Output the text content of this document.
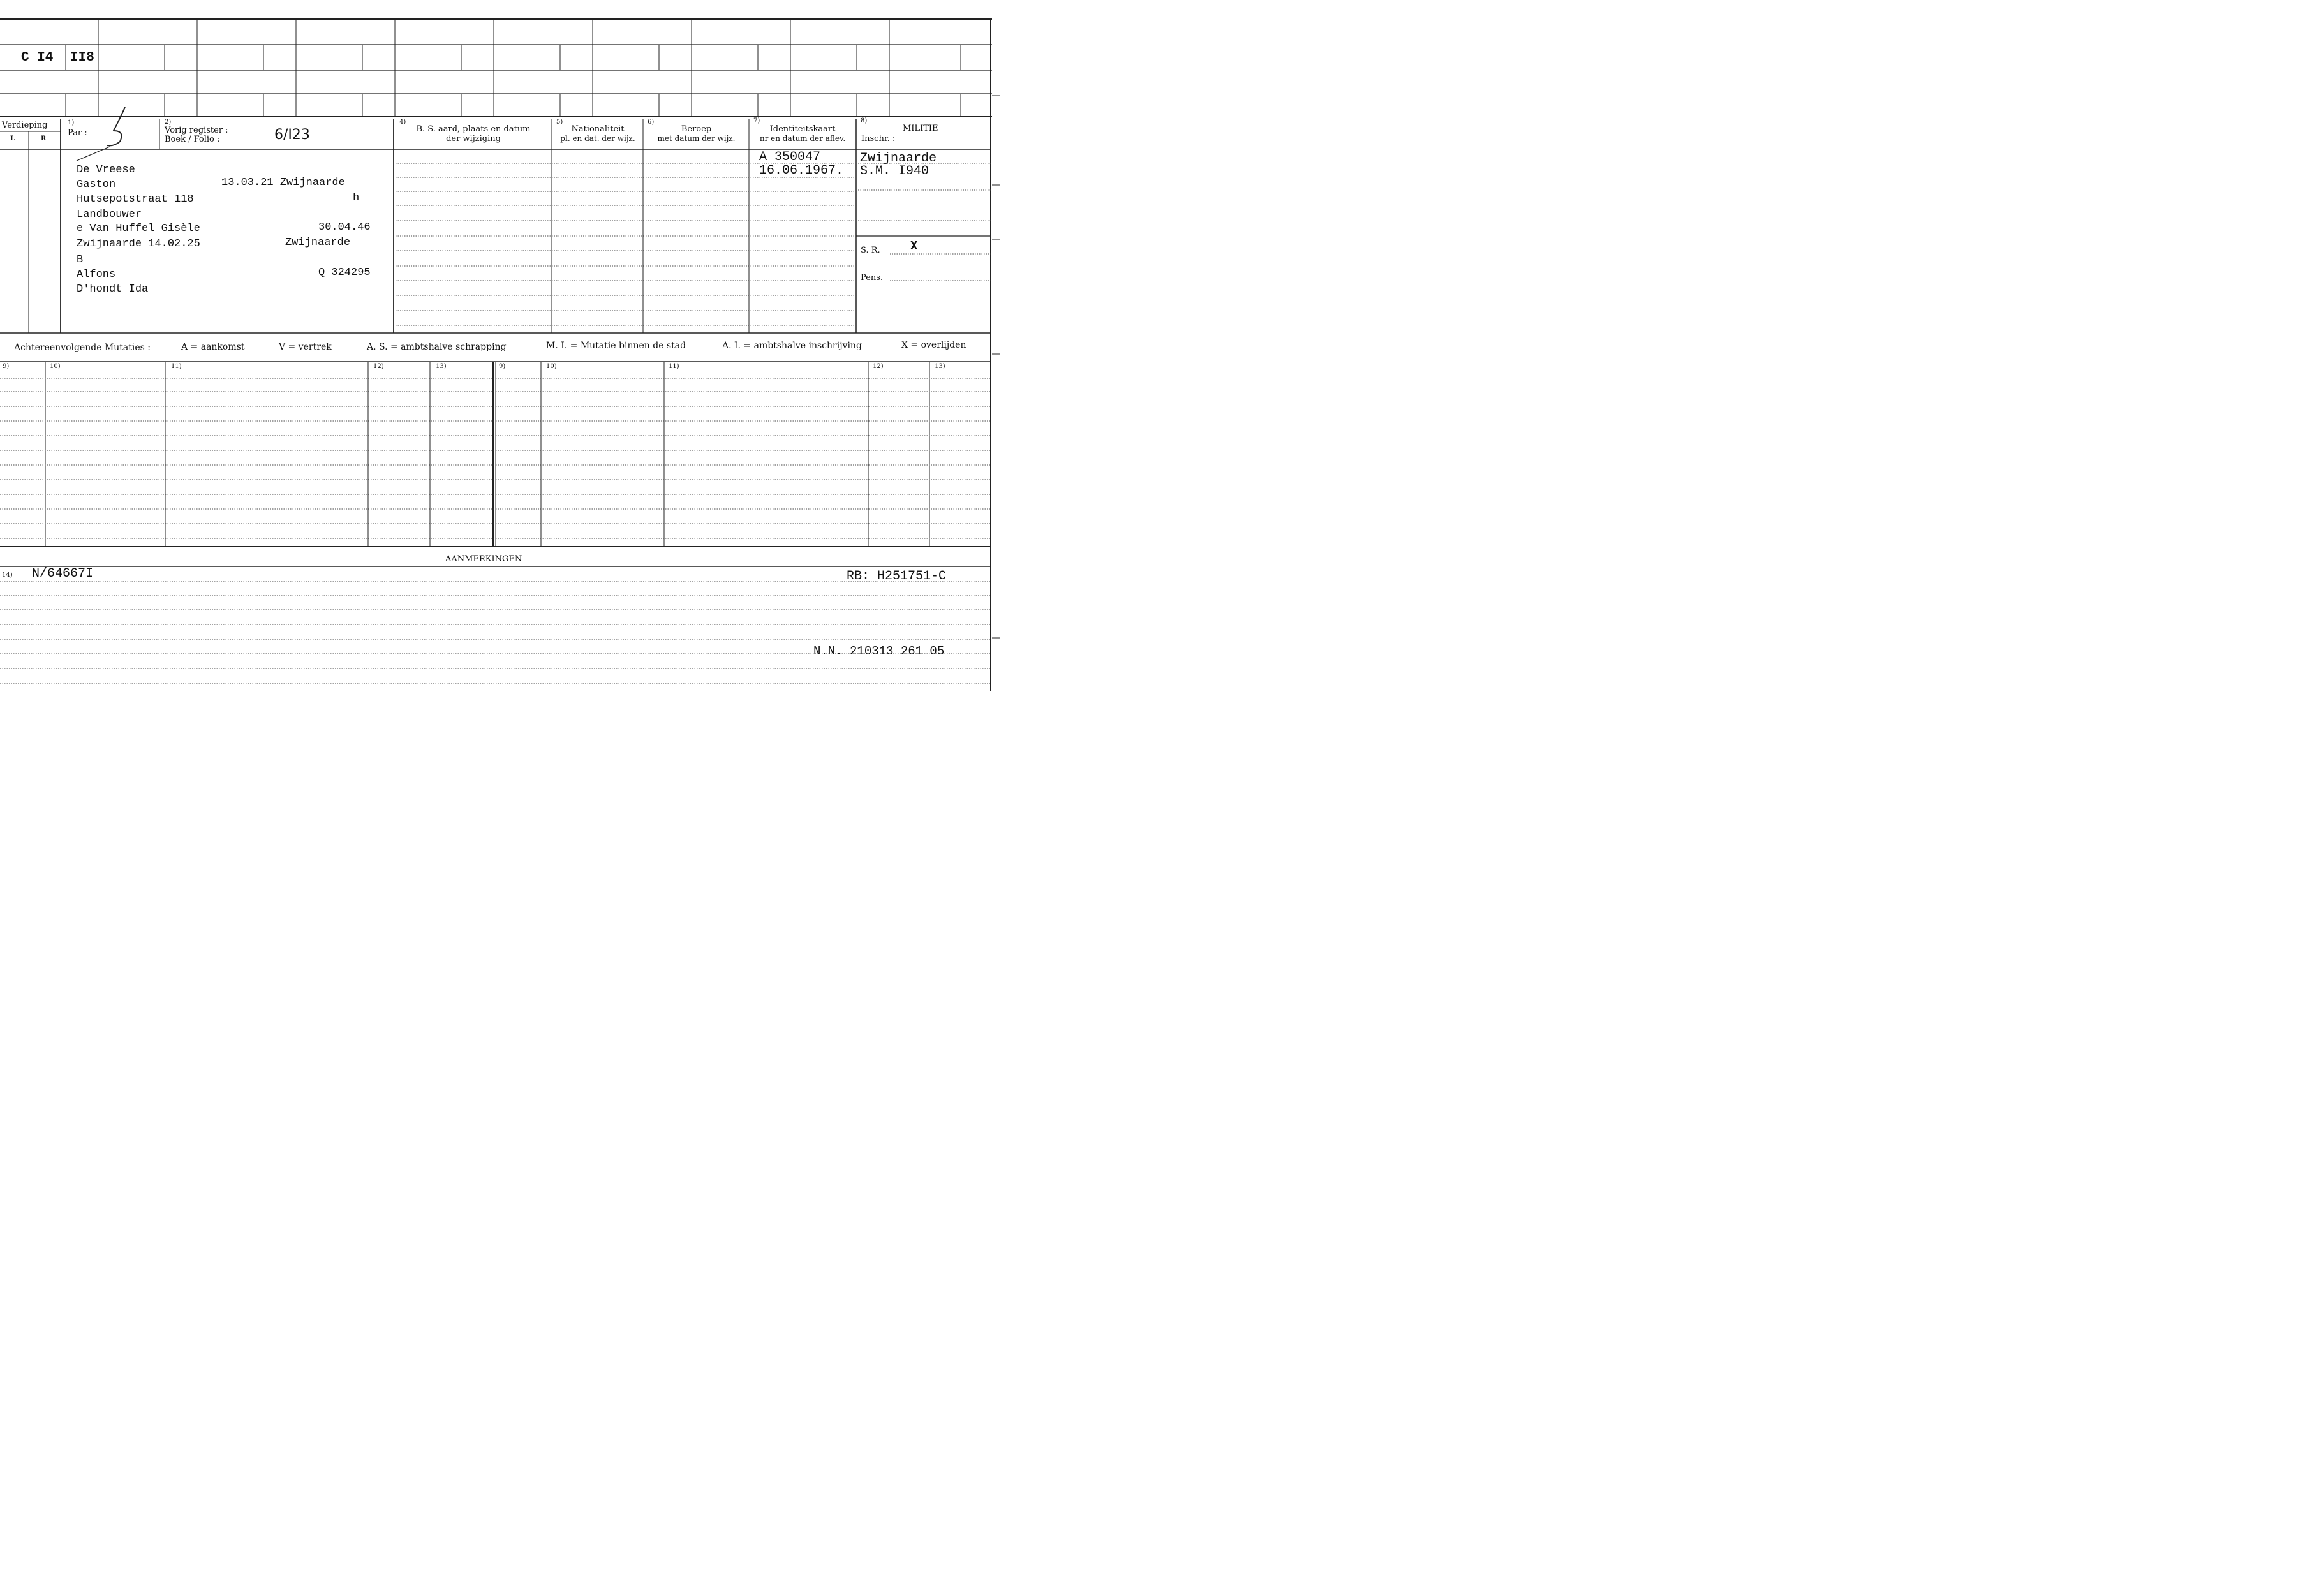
C I4 II8
Verdieping
L	R
1)
Par :
2)
Vorig register :
Boek / Folio :	6/I23
4)
B. S. aard, plaats en datum
der wijziging
5)
Nationaliteit
pl. en dat. der wijz.
6)
Beroep
met datum der wijz.
7)
Identiteitskaart
nr en datum der aflev.
8)
MILITIE
Inschr. :
De Vreese
Gaston	13.03.21 Zwijnaarde
Hutsepotstraat 118	h
Landbouwer
e Van Huffel Gisèle	30.04.46
Zwijnaarde 14.02.25	Zwijnaarde
B
Alfons	Q 324295
D'hondt Ida
A 350047
16.06.1967.
Zwijnaarde
S.M. I940
S. R. X
Pens.
Achtereenvolgende Mutaties :	A = aankomst	V = vertrek	A. S. = ambtshalve schrapping	M. I. = Mutatie binnen de stad	A. I. = ambtshalve inschrijving	X = overlijden
9)	10)	11)	12)	13)	9)	10)	11)	12)	13)
AANMERKINGEN
14) N/64667I	RB: H251751-C
N.N. 210313 261 05
